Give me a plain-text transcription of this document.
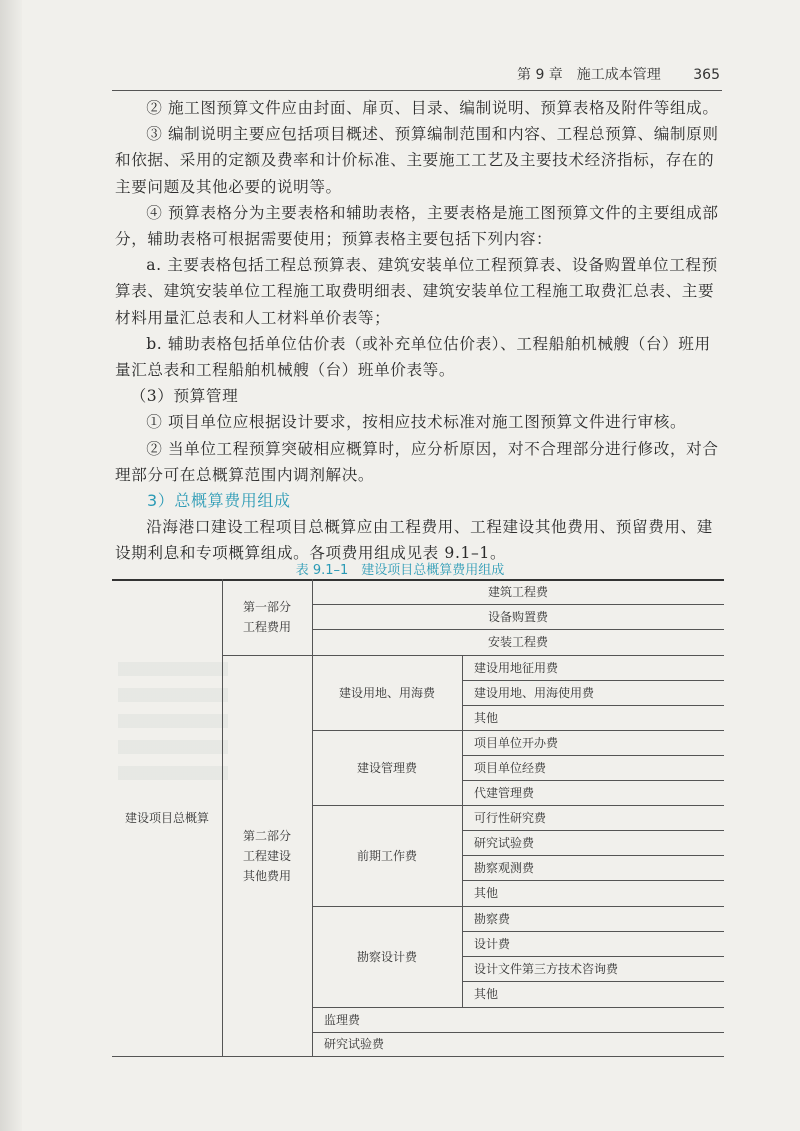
第 9 章　施工成本管理 365

② 施工图预算文件应由封面、扉页、目录、编制说明、预算表格及附件等组成。

③ 编制说明主要应包括项目概述、预算编制范围和内容、工程总预算、编制原则和依据、采用的定额及费率和计价标准、主要施工工艺及主要技术经济指标，存在的主要问题及其他必要的说明等。

④ 预算表格分为主要表格和辅助表格，主要表格是施工图预算文件的主要组成部分，辅助表格可根据需要使用；预算表格主要包括下列内容：

a. 主要表格包括工程总预算表、建筑安装单位工程预算表、设备购置单位工程预算表、建筑安装单位工程施工取费明细表、建筑安装单位工程施工取费汇总表、主要材料用量汇总表和人工材料单价表等；

b. 辅助表格包括单位估价表（或补充单位估价表）、工程船舶机械艘（台）班用量汇总表和工程船舶机械艘（台）班单价表等。

（3）预算管理

① 项目单位应根据设计要求，按相应技术标准对施工图预算文件进行审核。

② 当单位工程预算突破相应概算时，应分析原因，对不合理部分进行修改，对合理部分可在总概算范围内调剂解决。

3）总概算费用组成

沿海港口建设工程项目总概算应由工程费用、工程建设其他费用、预留费用、建设期利息和专项概算组成。各项费用组成见表 9.1–1。

表 9.1–1　建设项目总概算费用组成
建设项目总概算
第一部分
工程费用
建筑工程费
设备购置费
安装工程费
第二部分
工程建设
其他费用
建设用地、用海费
建设用地征用费
建设用地、用海使用费
其他
建设管理费
项目单位开办费
项目单位经费
代建管理费
前期工作费
可行性研究费
研究试验费
勘察观测费
其他
勘察设计费
勘察费
设计费
设计文件第三方技术咨询费
其他
监理费
研究试验费
